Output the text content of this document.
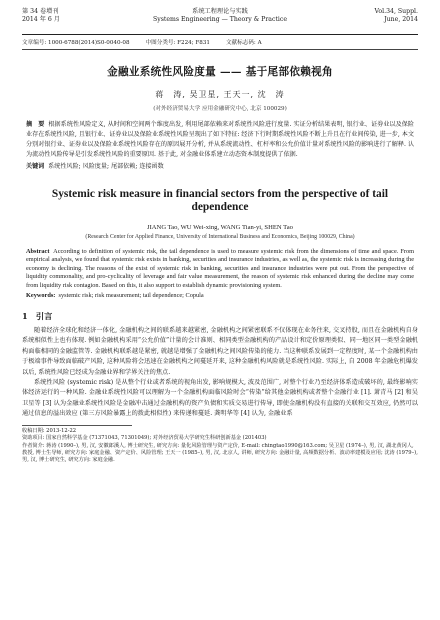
第 34 卷增刊
2014 年 6 月
系统工程理论与实践
Systems Engineering — Theory & Practice
Vol.34, Suppl.
June, 2014
文章编号: 1000-6788(2014)S0-0040-08	中图分类号: F224; F831	文献标志码: A
金融业系统性风险度量 —— 基于尾部依赖视角
蒋　涛, 吴卫星, 王天一, 沈　涛
(对外经济贸易大学 应用金融研究中心, 北京 100029)
摘　要 根据系统性风险定义, 从时间和空间两个维度出发, 利用尾部依赖来对系统性风险进行度量. 实证分析结果表明, 银行业、证券业以及保险业存在系统性风险, 且银行业、证券业以及保险业系统性风险呈现出了如下特征: 经济下行时期系统性风险不断上升且在行业间传染, 进一步, 本文分别对银行业、证券业以及保险业系统性风险存在的原因展开分析, 并从系统流动性、杠杆率和公允价值计量对系统性风险的影响进行了解释. 认为流动性风险传导是引发系统性风险的重要原因. 基于此, 对金融业体系建立动态资本制度提供了依据.
关键词 系统性风险; 风险度量; 尾部依赖; 连接函数
Systemic risk measure in financial sectors from the perspective of tail dependence
JIANG Tao, WU Wei-xing, WANG Tian-yi, SHEN Tao
(Research Center for Applied Finance, University of International Business and Economics, Beijing 100029, China)
Abstract According to definition of systemic risk, the tail dependence is used to measure systemic risk from the dimensions of time and space. From empirical analysis, we found that systemic risk exists in banking, securities and insurance industries, as well as, the systemic risk is increasing during the economy is declining. The reasons of the exist of systemic risk in banking, securities and insurance industries were put out. From the perspective of liquidity commonality, and pro-cyclicality of leverage and fair value measurement, the reason of systemic risk enhanced during the decline may come from liquidity risk contagion. Based on this, it also support to establish dynamic provisioning system.
Keywords: systemic risk; risk measurement; tail dependence; Copula
1　引言

随着经济全球化和经济一体化, 金融机构之间的联系越来越紧密, 金融机构之间紧密联系不仅体现在业务往来, 交叉持股, 而且在金融机构自身系统相似性上也有体现. 例如金融机构采用“公允价值”计量的会计准则、相同类型金融机构的产品设计和定价原理类似、同一地区同一类型金融机构面临相同的金融监管等. 金融机构联系越是紧密, 就越是增强了金融机构之间风险传染的能力. 当这种联系发展到一定程度时, 某一个金融机构由于极端事件导致面临破产风险, 这种风险将会迅速在金融机构之间蔓延开来, 这种金融机构风险就是系统性风险. 实际上, 自 2008 年金融危机爆发以后, 系统性风险已经成为金融业界和学界关注的焦点.

系统性风险 (systemic risk) 是从整个行业或者系统的视角出发, 影响规模大, 波及范围广, 对整个行业乃至经济体系造成破坏的, 最终影响实体经济运行的一种风险. 金融业系统性风险可以理解为一个金融机构面临风险时会“传染”给其他金融机构或者整个金融行业 [1]. 萧青马 [2] 和吴卫星等 [3] 认为金融业系统性风险是金融冲击通过金融机构的资产负债和实质交易进行传导, 即使金融机构没有直接的关联和交互效应, 仍然可以通过信息的溢出效应 (第三方风险暴露上的拨此相似性) 来传递和蔓延. 龚明华等 [4] 认为, 金融业系

收稿日期: 2013-12-22
资助项目: 国家自然科学基金 (71371043, 71301049); 对外经济贸易大学研究生科研创新基金 (201403)
作者简介: 蒋涛 (1990–), 男, 汉, 安徽郎溪人, 博士研究生, 研究方向: 量化风险管理与资产定价, E-mail: chingtao1990@163.com; 吴卫星 (1974–), 男, 汉, 湖北黄冈人, 教授, 博士生导师, 研究方向: 家庭金融、资产定价、风险管理; 王天一 (1985–), 男, 汉, 北京人, 讲师, 研究方向: 金融计量, 高频数据分析、波动率建模及应用; 沈涛 (1979–), 男, 汉, 博士研究生, 研究方向: 家庭金融.
